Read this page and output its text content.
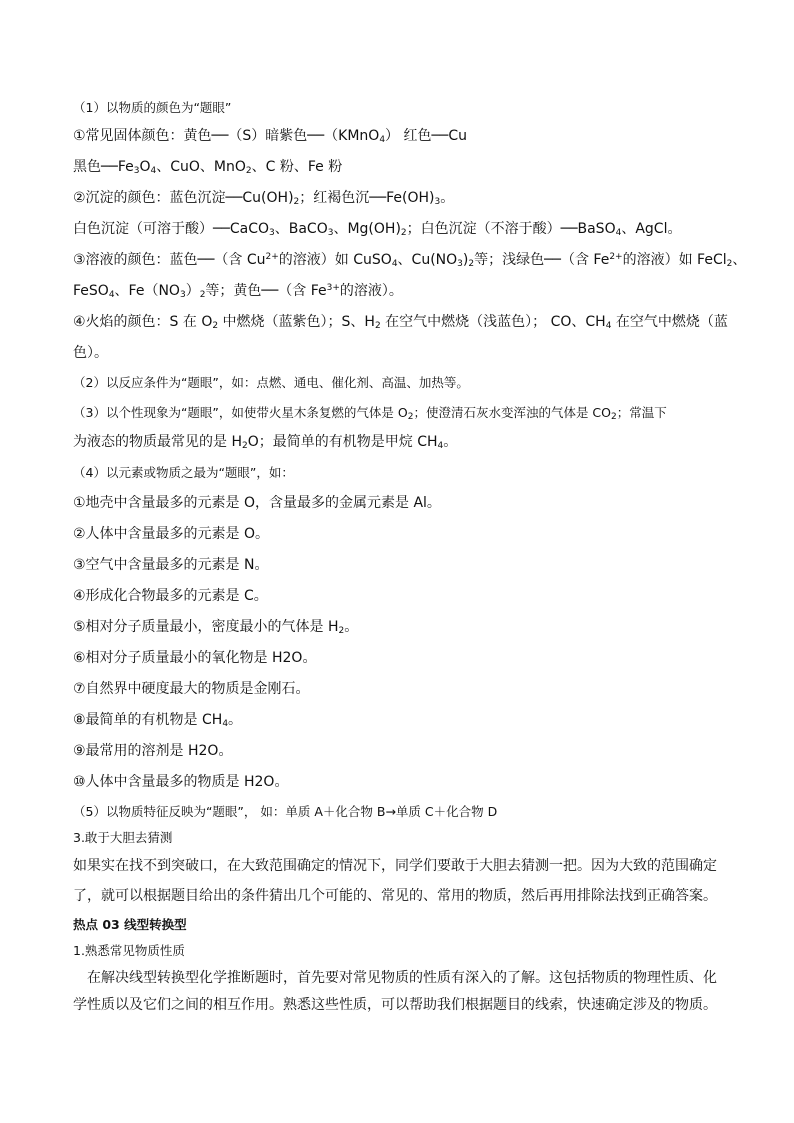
（1）以物质的颜色为“题眼”
①常见固体颜色：黄色──（S）暗紫色──（KMnO$_4$） 红色──Cu
黑色$──Fe_3O_4$、CuO、MnO$_2$、C 粉、Fe 粉
②沉淀的颜色：蓝色沉淀$──Cu(OH)_2$；红褐色沉$──Fe(OH)_3$。
白色沉淀（可溶于酸）──CaCO$_3$、BaCO$_3$、$Mg(OH)_2$；白色沉淀（不溶于酸）──BaSO$_4$、AgCl。
③溶液的颜色：蓝色──（含 $Cu^{2+}$的溶液）如 CuSO$_4$、$Cu(NO_3)_2$等；浅绿色──（含 $Fe^{2+}$的溶液）如 FeCl$_2$、
FeSO$_4$、$Fe(NO_3)_2$等；黄色──（含 $Fe^{3+}$的溶液）。
④火焰的颜色：S 在 $O_2$ 中燃烧（蓝紫色）；S、$H_2$ 在空气中燃烧（浅蓝色）； CO、$CH_4$ 在空气中燃烧（蓝
色）。
（2）以反应条件为“题眼”，如：点燃、通电、催化剂、高温、加热等。
（3）以个性现象为“题眼”，如使带火星木条复燃的气体是 $O_2$；使澄清石灰水变浑浊的气体是 $CO_2$；常温下
为液态的物质最常见的是 $H_2O$；最简单的有机物是甲烷 $CH_4$。
（4）以元素或物质之最为“题眼”，如：
①地壳中含量最多的元素是 O，含量最多的金属元素是 Al。
②人体中含量最多的元素是 O。
③空气中含量最多的元素是 N。
④形成化合物最多的元素是 C。
⑤相对分子质量最小，密度最小的气体是 $H_2$。
⑥相对分子质量最小的氧化物是 H2O。
⑦自然界中硬度最大的物质是金刚石。
⑧最简单的有机物是 $CH_4$。
⑨最常用的溶剂是 H2O。
⑩人体中含量最多的物质是 H2O。
（5）以物质特征反映为“题眼”， 如：单质 A＋化合物 B→单质 C＋化合物 D
3.敢于大胆去猜测
如果实在找不到突破口，在大致范围确定的情况下，同学们要敢于大胆去猜测一把。因为大致的范围确定
了，就可以根据题目给出的条件猜出几个可能的、常见的、常用的物质，然后再用排除法找到正确答案。
热点 03 线型转换型
1.熟悉常见物质性质
在解决线型转换型化学推断题时，首先要对常见物质的性质有深入的了解。这包括物质的物理性质、化
学性质以及它们之间的相互作用。熟悉这些性质，可以帮助我们根据题目的线索，快速确定涉及的物质。
